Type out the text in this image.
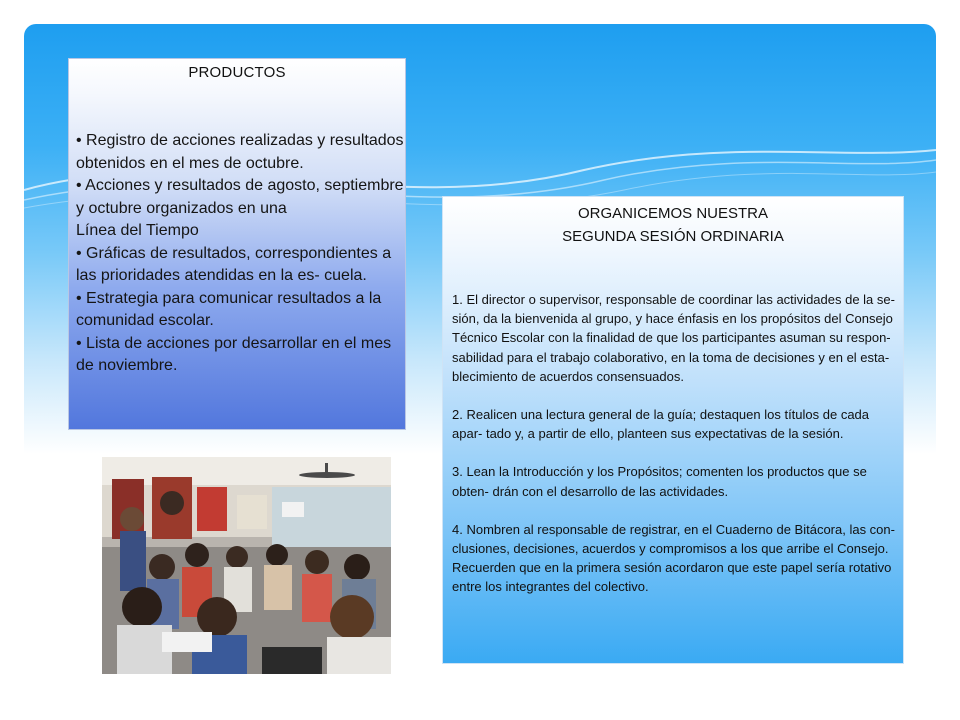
PRODUCTOS
• Registro de acciones realizadas y resultados obtenidos en el mes de octubre.
• Acciones y resultados de agosto, septiembre y octubre organizados en una
Línea del Tiempo
• Gráficas de resultados, correspondientes a las prioridades atendidas en la es- cuela.
• Estrategia para comunicar resultados a la comunidad escolar.
• Lista de acciones por desarrollar en el mes de noviembre.
ORGANICEMOS NUESTRA
SEGUNDA SESIÓN ORDINARIA
1. El director o supervisor, responsable de coordinar las actividades de la se- sión, da la bienvenida al grupo, y hace énfasis en los propósitos del Consejo Técnico Escolar con la finalidad de que los participantes asuman su respon- sabilidad para el trabajo colaborativo, en la toma de decisiones y en el esta- blecimiento de acuerdos consensuados.
2. Realicen una lectura general de la guía; destaquen los títulos de cada apar- tado y, a partir de ello, planteen sus expectativas de la sesión.
3. Lean la Introducción y los Propósitos; comenten los productos que se obten- drán con el desarrollo de las actividades.
4. Nombren al responsable de registrar, en el Cuaderno de Bitácora, las con- clusiones, decisiones, acuerdos y compromisos a los que arribe el Consejo. Recuerden que en la primera sesión acordaron que este papel sería rotativo entre los integrantes del colectivo.
